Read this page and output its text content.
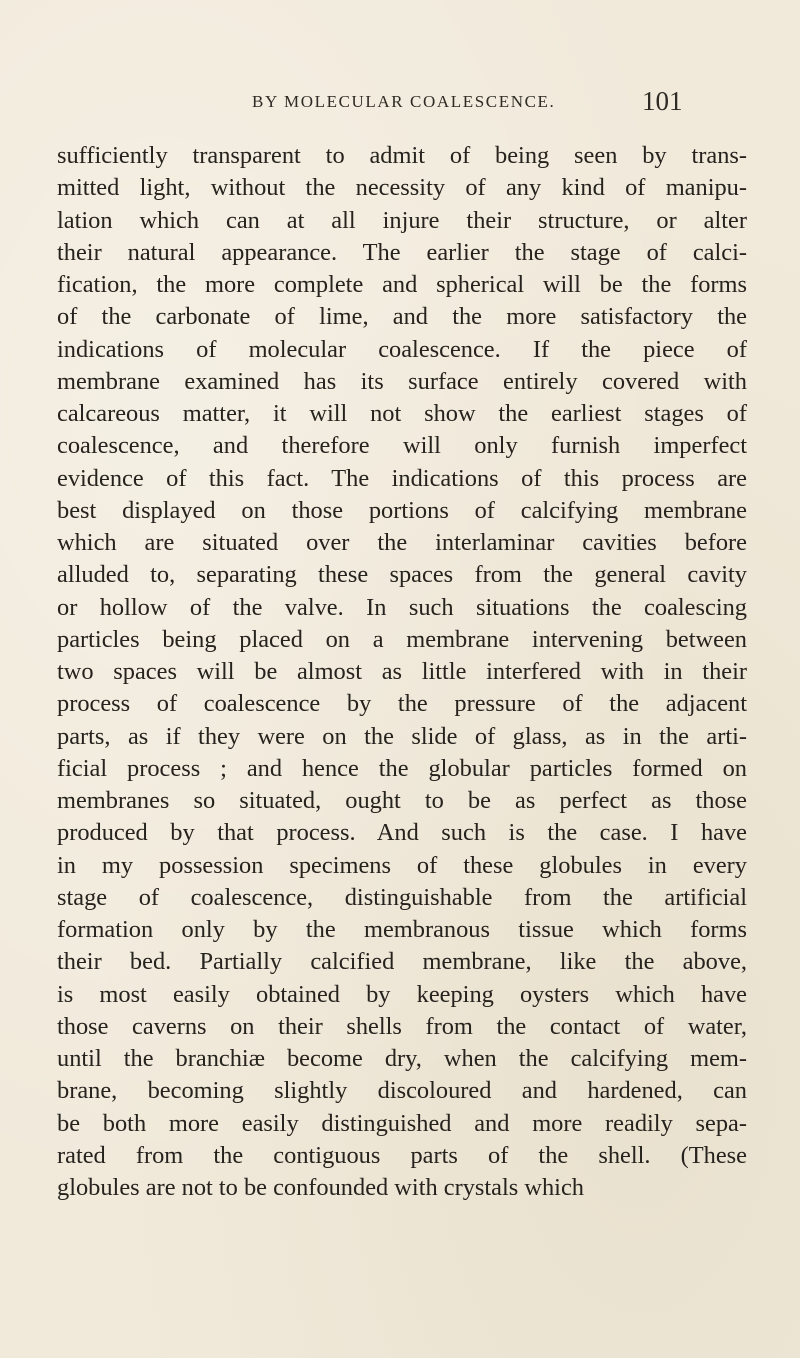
BY MOLECULAR COALESCENCE.	101
sufficiently transparent to admit of being seen by trans-
mitted light, without the necessity of any kind of manipu-
lation which can at all injure their structure, or alter
their natural appearance. The earlier the stage of calci-
fication, the more complete and spherical will be the forms
of the carbonate of lime, and the more satisfactory the
indications of molecular coalescence. If the piece of
membrane examined has its surface entirely covered with
calcareous matter, it will not show the earliest stages of
coalescence, and therefore will only furnish imperfect
evidence of this fact. The indications of this process are
best displayed on those portions of calcifying membrane
which are situated over the interlaminar cavities before
alluded to, separating these spaces from the general cavity
or hollow of the valve. In such situations the coalescing
particles being placed on a membrane intervening between
two spaces will be almost as little interfered with in their
process of coalescence by the pressure of the adjacent
parts, as if they were on the slide of glass, as in the arti-
ficial process ; and hence the globular particles formed on
membranes so situated, ought to be as perfect as those
produced by that process. And such is the case. I have
in my possession specimens of these globules in every
stage of coalescence, distinguishable from the artificial
formation only by the membranous tissue which forms
their bed. Partially calcified membrane, like the above,
is most easily obtained by keeping oysters which have
those caverns on their shells from the contact of water,
until the branchiæ become dry, when the calcifying mem-
brane, becoming slightly discoloured and hardened, can
be both more easily distinguished and more readily sepa-
rated from the contiguous parts of the shell. (These
globules are not to be confounded with crystals which
